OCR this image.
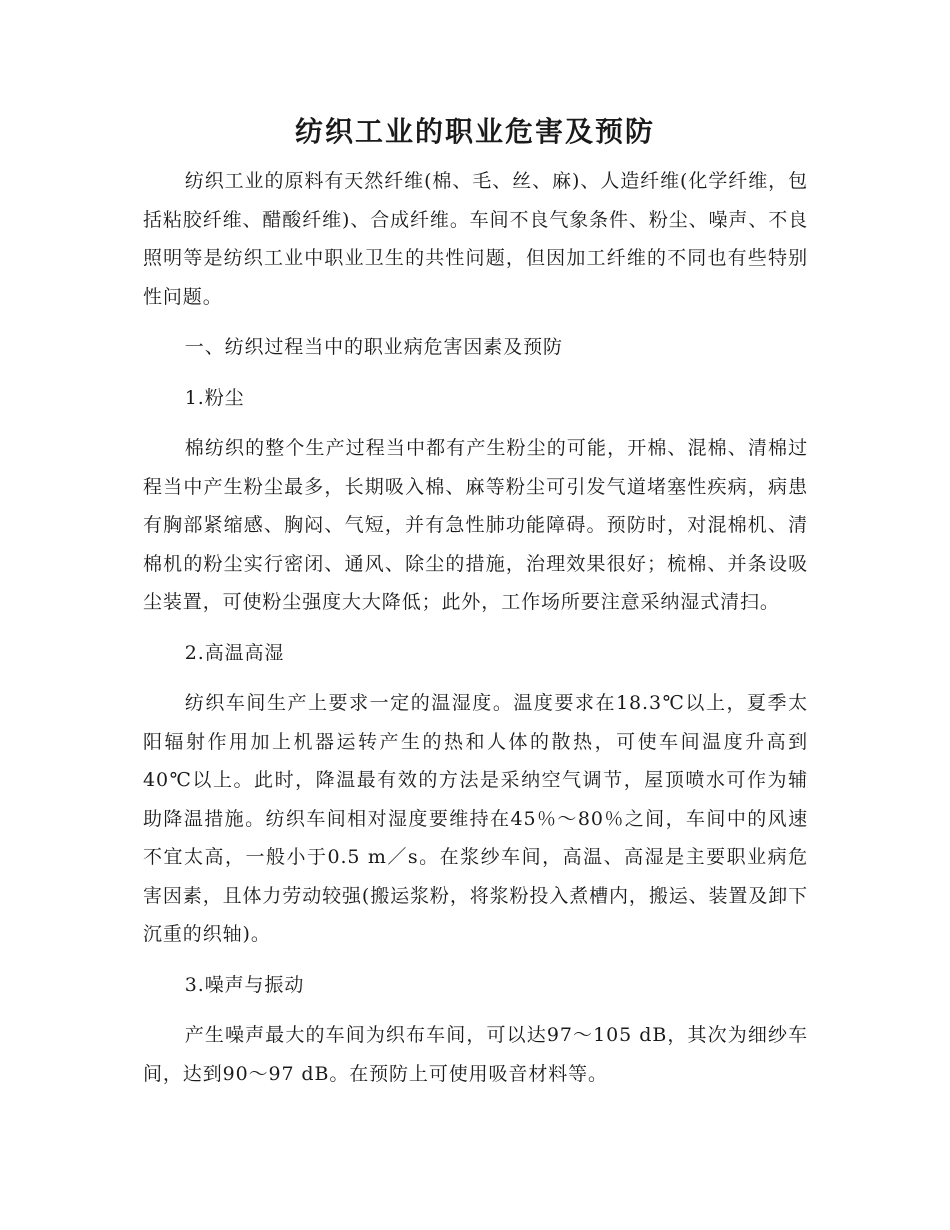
纺织工业的职业危害及预防

纺织工业的原料有天然纤维(棉、毛、丝、麻)、人造纤维(化学纤维，包括粘胶纤维、醋酸纤维)、合成纤维。车间不良气象条件、粉尘、噪声、不良照明等是纺织工业中职业卫生的共性问题，但因加工纤维的不同也有些特别性问题。

一、纺织过程当中的职业病危害因素及预防

1.粉尘

棉纺织的整个生产过程当中都有产生粉尘的可能，开棉、混棉、清棉过程当中产生粉尘最多，长期吸入棉、麻等粉尘可引发气道堵塞性疾病，病患有胸部紧缩感、胸闷、气短，并有急性肺功能障碍。预防时，对混棉机、清棉机的粉尘实行密闭、通风、除尘的措施，治理效果很好；梳棉、并条设吸尘装置，可使粉尘强度大大降低；此外，工作场所要注意采纳湿式清扫。

2.高温高湿

纺织车间生产上要求一定的温湿度。温度要求在18.3℃以上，夏季太阳辐射作用加上机器运转产生的热和人体的散热，可使车间温度升高到40℃以上。此时，降温最有效的方法是采纳空气调节，屋顶喷水可作为辅助降温措施。纺织车间相对湿度要维持在45％～80％之间，车间中的风速不宜太高，一般小于0.5 m／s。在浆纱车间，高温、高湿是主要职业病危害因素，且体力劳动较强(搬运浆粉，将浆粉投入煮槽内，搬运、装置及卸下沉重的织轴)。

3.噪声与振动

产生噪声最大的车间为织布车间，可以达97～105 dB，其次为细纱车间，达到90～97 dB。在预防上可使用吸音材料等。
